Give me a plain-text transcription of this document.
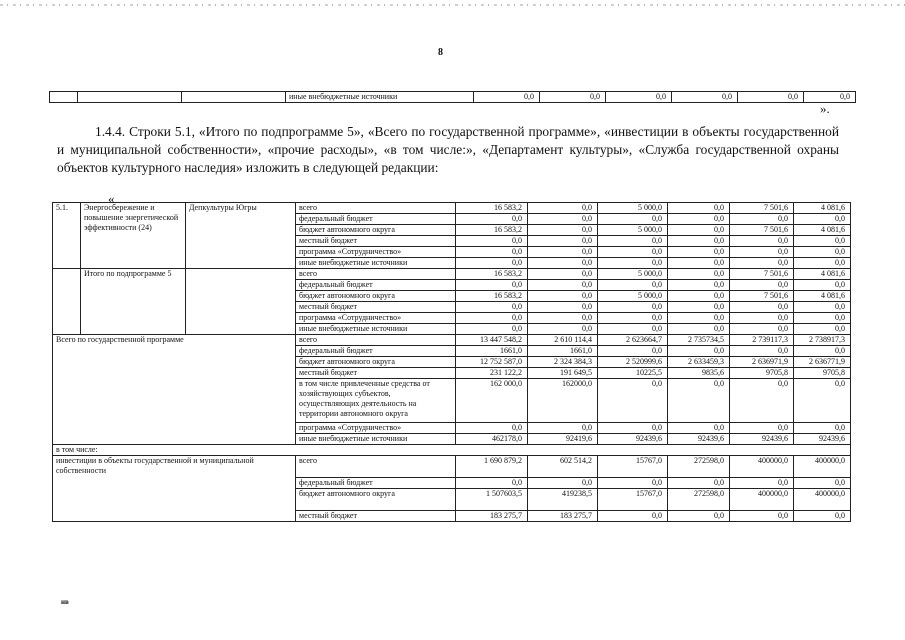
8
			иные внебюджетные источники	0,0	0,0	0,0	0,0	0,0	0,0
».
1.4.4. Строки 5.1, «Итого по подпрограмме 5», «Всего по государственной программе», «инвестиции в объекты государственной и муниципальной собственности», «прочие расходы», «в том числе:», «Департамент культуры», «Служба государственной охраны объектов культурного наследия» изложить в следующей редакции:
«
5.1.	Энергосбережение и повышение энергетической эффективности (24)	Депкультуры Югры	всего	16 583,2	0,0	5 000,0	0,0	7 501,6	4 081,6
			федеральный бюджет	0,0	0,0	0,0	0,0	0,0	0,0
			бюджет автономного округа	16 583,2	0,0	5 000,0	0,0	7 501,6	4 081,6
			местный бюджет	0,0	0,0	0,0	0,0	0,0	0,0
			программа «Сотрудничество»	0,0	0,0	0,0	0,0	0,0	0,0
			иные внебюджетные источники	0,0	0,0	0,0	0,0	0,0	0,0
	Итого по подпрограмме 5		всего	16 583,2	0,0	5 000,0	0,0	7 501,6	4 081,6
			федеральный бюджет	0,0	0,0	0,0	0,0	0,0	0,0
			бюджет автономного округа	16 583,2	0,0	5 000,0	0,0	7 501,6	4 081,6
			местный бюджет	0,0	0,0	0,0	0,0	0,0	0,0
			программа «Сотрудничество»	0,0	0,0	0,0	0,0	0,0	0,0
			иные внебюджетные источники	0,0	0,0	0,0	0,0	0,0	0,0
Всего по государственной программе			всего	13 447 548,2	2 610 114,4	2 623664,7	2 735734,5	2 739117,3	2 738917,3
			федеральный бюджет	1661,0	1661,0	0,0	0,0	0,0	0,0
			бюджет автономного округа	12 752 587,0	2 324 384,3	2 520999,6	2 633459,3	2 636971,9	2 636771,9
			местный бюджет	231 122,2	191 649,5	10225,5	9835,6	9705,8	9705,8
			в том числе привлеченные средства от хозяйствующих субъектов, осуществляющих деятельность на территории автономного округа	162 000,0	162000,0	0,0	0,0	0,0	0,0
			программа «Сотрудничество»	0,0	0,0	0,0	0,0	0,0	0,0
			иные внебюджетные источники	462178,0	92419,6	92439,6	92439,6	92439,6	92439,6
в том числе:									
инвестиции в объекты государственной и муниципальной собственности			всего	1 690 879,2	602 514,2	15767,0	272598,0	400000,0	400000,0
			федеральный бюджет	0,0	0,0	0,0	0,0	0,0	0,0
			бюджет автономного округа	1 507603,5	419238,5	15767,0	272598,0	400000,0	400000,0
			местный бюджет	183 275,7	183 275,7	0,0	0,0	0,0	0,0
нв
